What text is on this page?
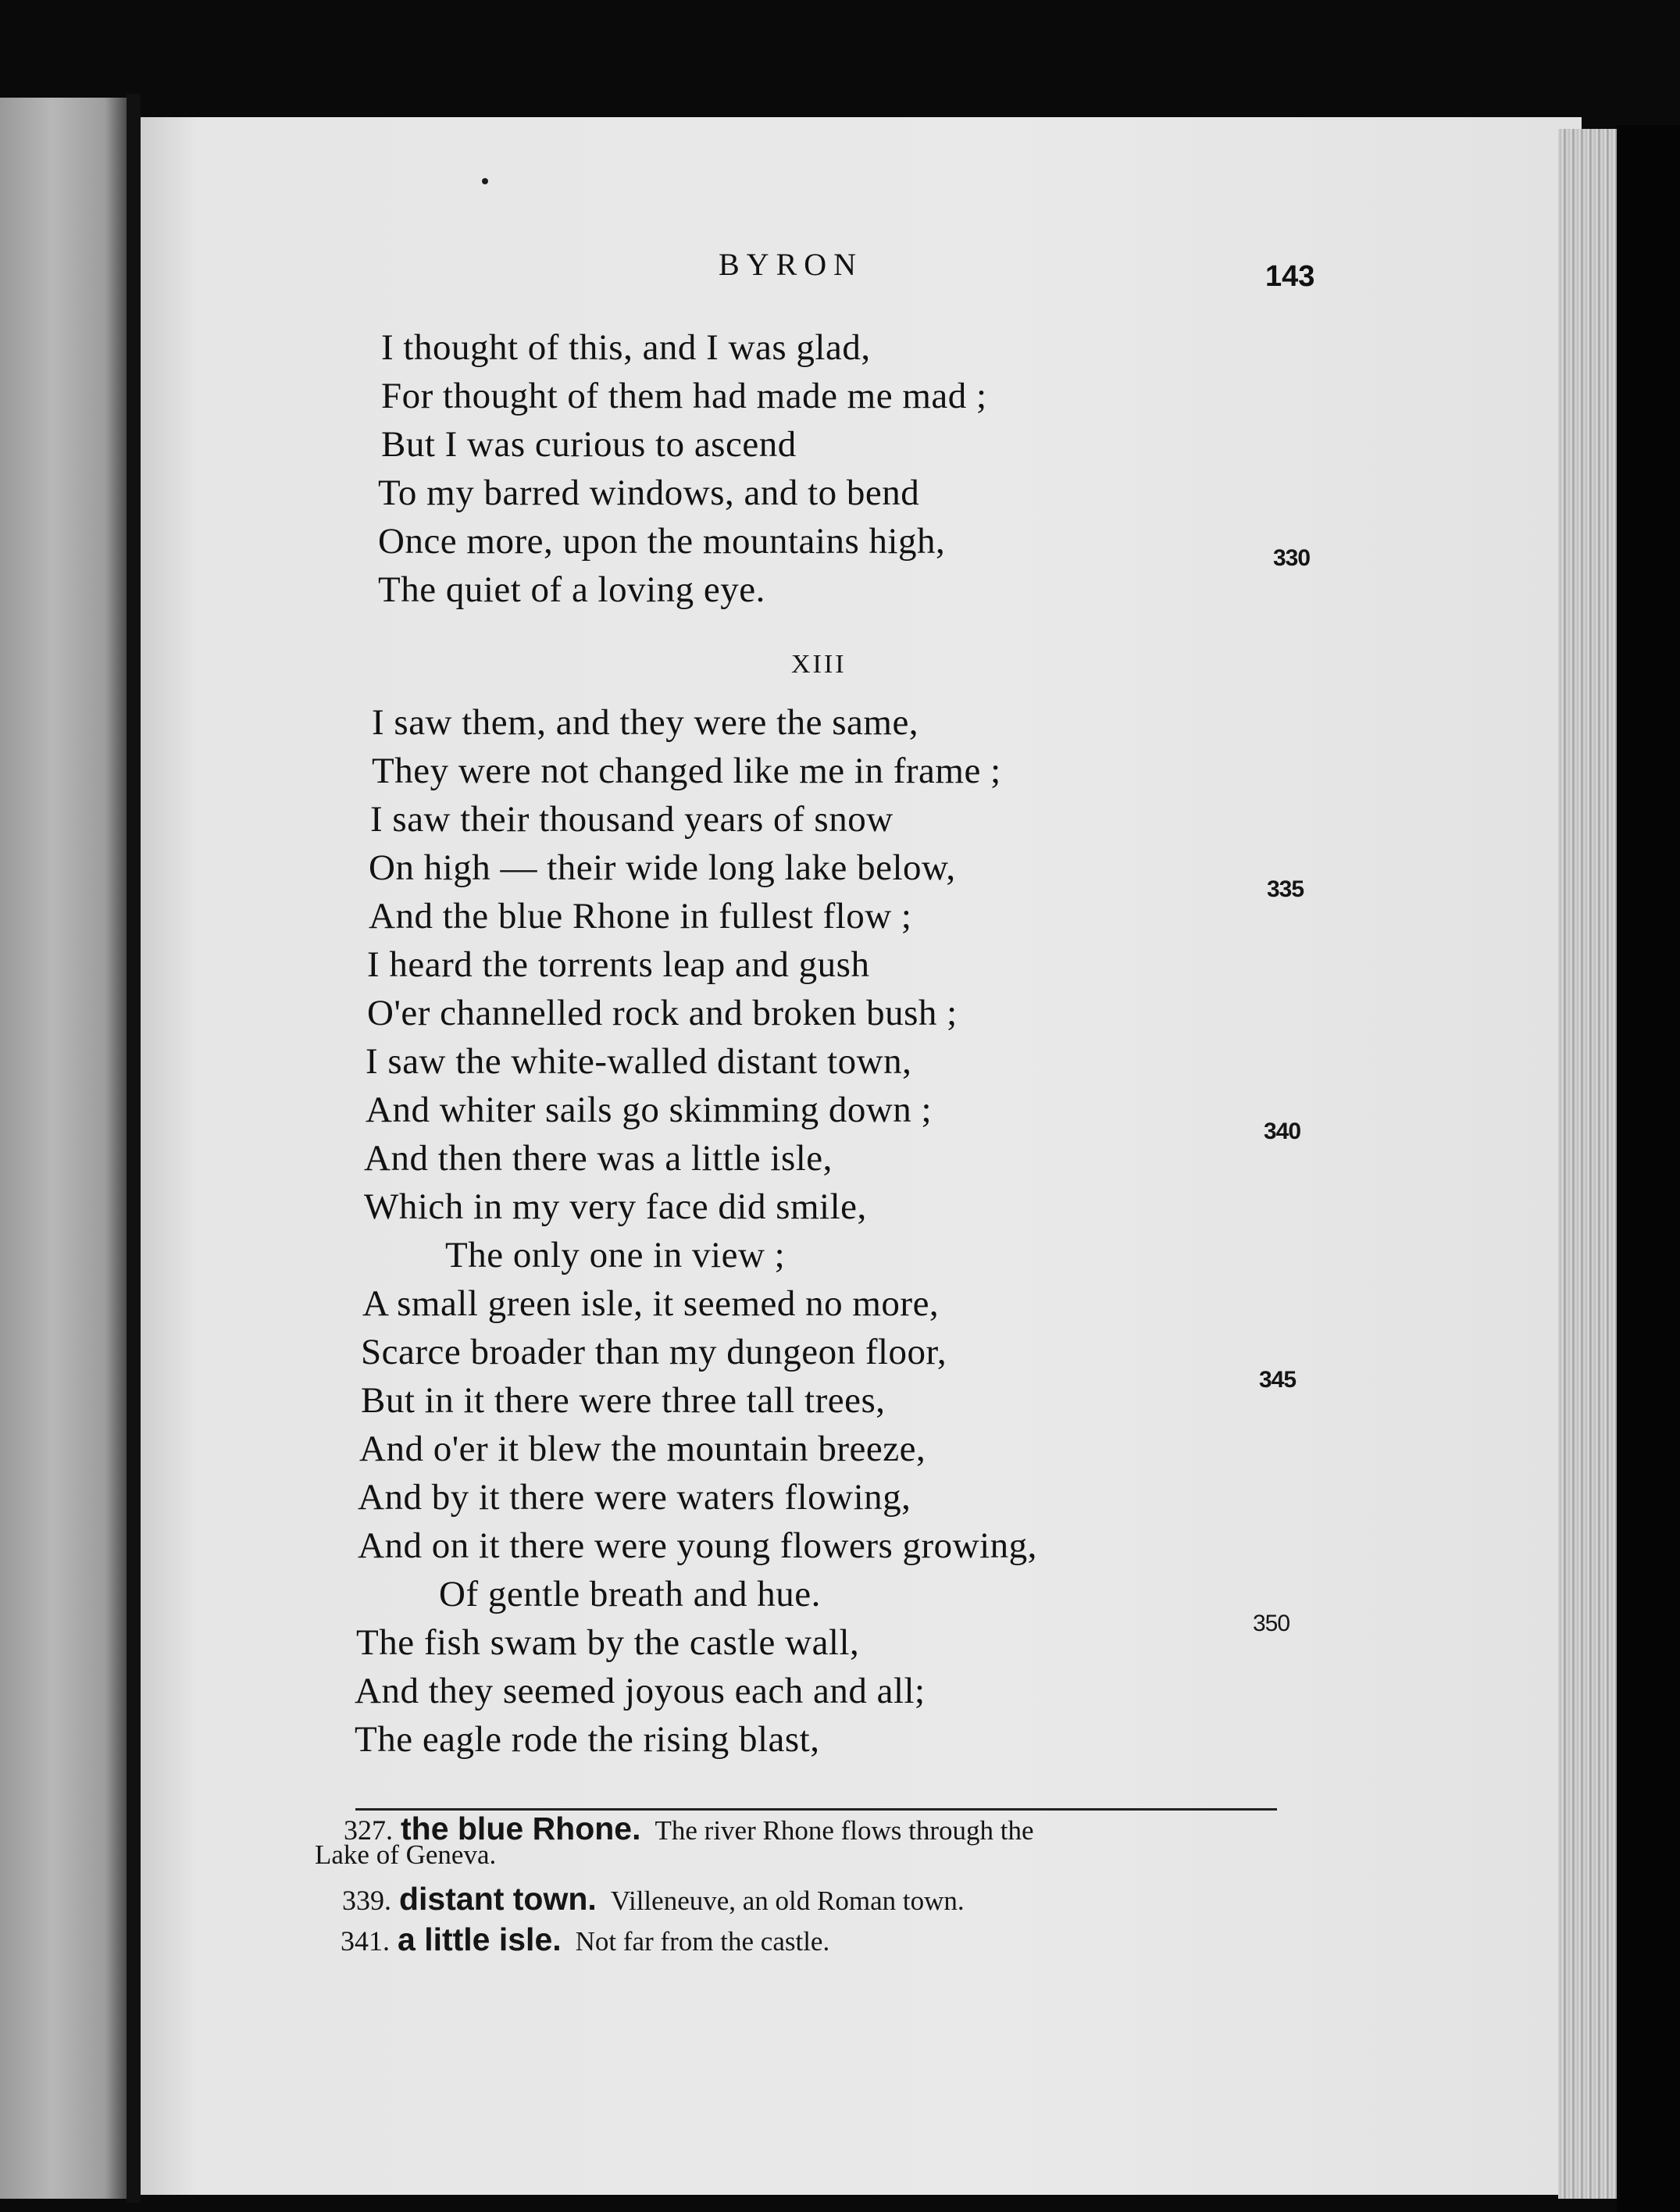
BYRON	143
I thought of this, and I was glad,
For thought of them had made me mad ;
But I was curious to ascend
To my barred windows, and to bend
Once more, upon the mountains high,	330
The quiet of a loving eye.
XIII
I saw them, and they were the same,
They were not changed like me in frame ;
I saw their thousand years of snow
On high — their wide long lake below,
335
And the blue Rhone in fullest flow ;
I heard the torrents leap and gush
O'er channelled rock and broken bush ;
I saw the white-walled distant town,
And whiter sails go skimming down ;
340
And then there was a little isle,
Which in my very face did smile,
The only one in view ;
A small green isle, it seemed no more,
Scarce broader than my dungeon floor,
345
But in it there were three tall trees,
And o'er it blew the mountain breeze,
And by it there were waters flowing,
And on it there were young flowers growing,
Of gentle breath and hue.
350
The fish swam by the castle wall,
And they seemed joyous each and all;
The eagle rode the rising blast,
327. the blue Rhone. The river Rhone flows through the
Lake of Geneva.
339. distant town. Villeneuve, an old Roman town.
341. a little isle. Not far from the castle.
